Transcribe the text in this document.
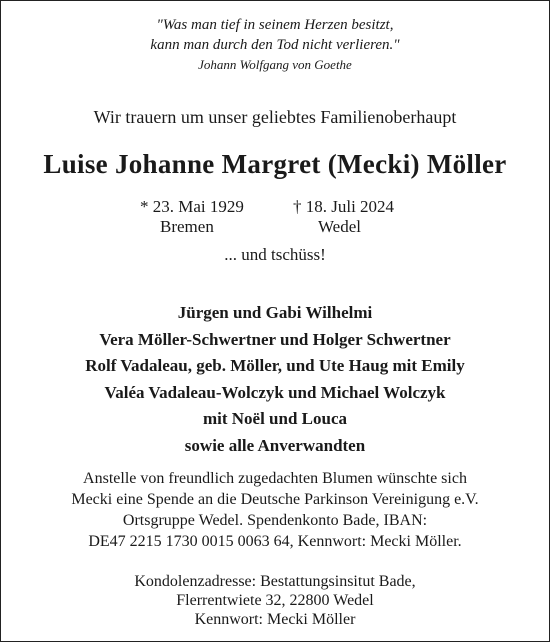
"Was man tief in seinem Herzen besitzt,
kann man durch den Tod nicht verlieren."
Johann Wolfgang von Goethe
Wir trauern um unser geliebtes Familienoberhaupt
Luise Johanne Margret (Mecki) Möller
* 23. Mai 1929
Bremen
† 18. Juli 2024
Wedel
... und tschüss!
Jürgen und Gabi Wilhelmi
Vera Möller-Schwertner und Holger Schwertner
Rolf Vadaleau, geb. Möller, und Ute Haug mit Emily
Valéa Vadaleau-Wolczyk und Michael Wolczyk
mit Noël und Louca
sowie alle Anverwandten
Anstelle von freundlich zugedachten Blumen wünschte sich
Mecki eine Spende an die Deutsche Parkinson Vereinigung e.V.
Ortsgruppe Wedel. Spendenkonto Bade, IBAN:
DE47 2215 1730 0015 0063 64, Kennwort: Mecki Möller.
Kondolenzadresse: Bestattungsinsitut Bade,
Flerrentwiete 32, 22800 Wedel
Kennwort: Mecki Möller
